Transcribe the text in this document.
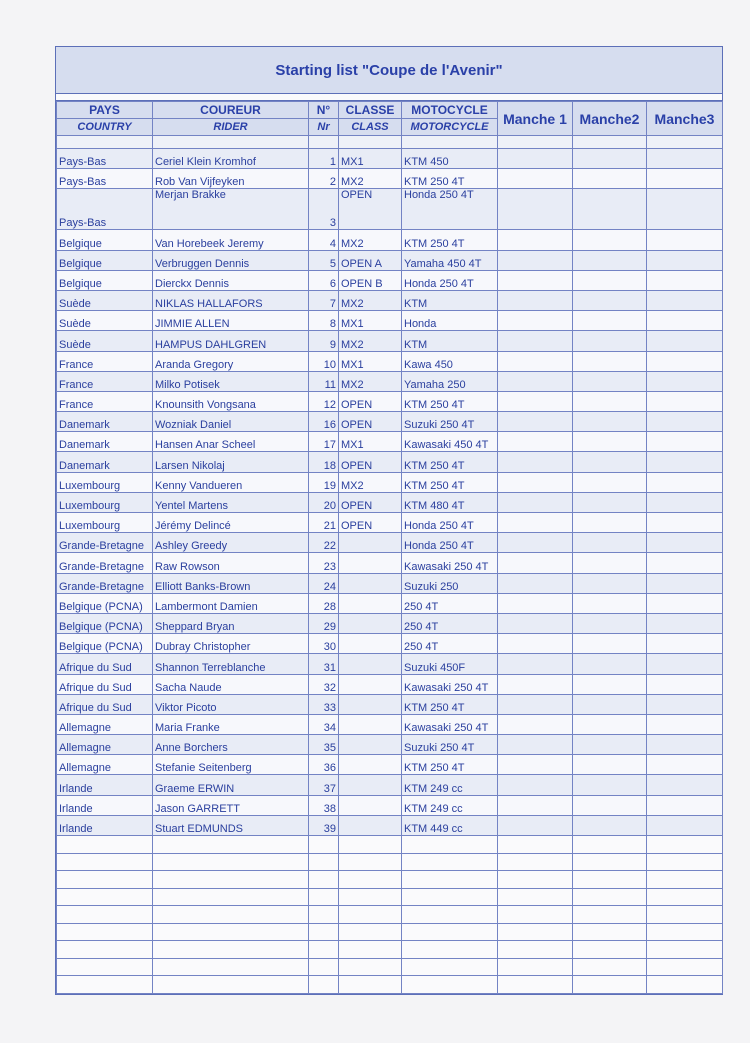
Starting list "Coupe de l'Avenir"
PAYS	COUREUR	N°	CLASSE	MOTOCYCLE	Manche 1	Manche2	Manche3
COUNTRY	RIDER	Nr	CLASS	MOTORCYCLE			

Pays-Bas	Ceriel Klein Kromhof	1	MX1	KTM 450			
Pays-Bas	Rob Van Vijfeyken	2	MX2	KTM 250 4T			
Pays-Bas	Merjan Brakke	3	OPEN	Honda 250 4T			
Belgique	Van Horebeek Jeremy	4	MX2	KTM 250 4T			
Belgique	Verbruggen Dennis	5	OPEN A	Yamaha 450 4T			
Belgique	Dierckx Dennis	6	OPEN B	Honda 250 4T			
Suède	NIKLAS HALLAFORS	7	MX2	KTM			
Suède	JIMMIE ALLEN	8	MX1	Honda			
Suède	HAMPUS DAHLGREN	9	MX2	KTM			
France	Aranda Gregory	10	MX1	Kawa 450			
France	Milko Potisek	11	MX2	Yamaha 250			
France	Knounsith Vongsana	12	OPEN	KTM 250 4T			
Danemark	Wozniak Daniel	16	OPEN	Suzuki 250 4T			
Danemark	Hansen Anar Scheel	17	MX1	Kawasaki 450 4T			
Danemark	Larsen Nikolaj	18	OPEN	KTM 250 4T			
Luxembourg	Kenny Vandueren	19	MX2	KTM 250 4T			
Luxembourg	Yentel Martens	20	OPEN	KTM 480 4T			
Luxembourg	Jérémy Delincé	21	OPEN	Honda 250 4T			
Grande-Bretagne	Ashley Greedy	22		Honda 250 4T			
Grande-Bretagne	Raw Rowson	23		Kawasaki 250 4T			
Grande-Bretagne	Elliott Banks-Brown	24		Suzuki 250			
Belgique (PCNA)	Lambermont Damien	28		250 4T			
Belgique (PCNA)	Sheppard Bryan	29		250 4T			
Belgique (PCNA)	Dubray Christopher	30		250 4T			
Afrique du Sud	Shannon Terreblanche	31		Suzuki 450F			
Afrique du Sud	Sacha Naude	32		Kawasaki 250 4T			
Afrique du Sud	Viktor Picoto	33		KTM 250 4T			
Allemagne	Maria Franke	34		Kawasaki 250 4T			
Allemagne	Anne Borchers	35		Suzuki 250 4T			
Allemagne	Stefanie Seitenberg	36		KTM 250 4T			
Irlande	Graeme ERWIN	37		KTM 249 cc			
Irlande	Jason GARRETT	38		KTM 249 cc			
Irlande	Stuart EDMUNDS	39		KTM 449 cc			
